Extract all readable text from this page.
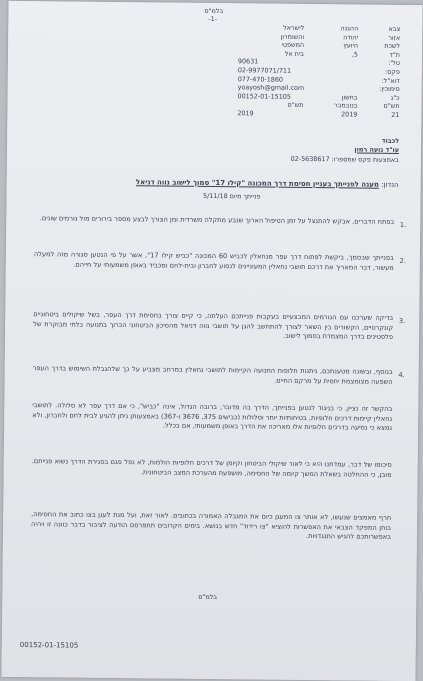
בלמ"ס
-1-
צבא
אזור
לשכת
ת"ד
טל':
פקס:
דוא"ל:
סימוכין:
כ"ג
תש"ם
21
ההגנה
יהודה
היועץ
5,
בחשון
בנובמבר
2019
לישראל
והשומרון
המשפטי
בית אל
90631
02-9977071/711
077-470-1860
yoayosh@gmail.com
00152-01-15105
תש"ם
2019
לכבוד
עו"ד נועה רמון
באמצעות פקס שמספרו: 02-5638617
הנדון: מענה לפנייתך בעניין חסימת דרך המכונה "קילו 17" סמוך לישוב נווה דניאל
פנייתך מיום 5/11/18
1.
בפתח הדברים, אבקש להתנצל על זמן הטיפול הארוך שנבע מתקלה משרדית ומן הצורך לבצע מספר בירורים מול גורמים שונים.
2.
בפנייתך שבסמך, ביקשת לפתוח דרך עפר מנחאלין לכביש 60 המכונה "כביש קילו 17", אשר על פי הנטען סגורה מזה למעלה מעשור, דבר המאריך את דרכם תושבי נחאלין המעוניינים לנסוע לחברון ובית-לחם ומכביד באופן משמעותי על חייהם.
3.
בדיקה שערכנו עם הגורמים המבצעיים בעקבות פנייתכם העלתה, כי קיים צורך בחסימת דרך העפר, בשל שיקולים ביטחוניים קונקרטיים, הקשורים בין השאר לצורך להתחשב להגן על תושבי נווה דניאל מהסיכון הביטחוני הכרוך בתנועה בלתי מבוקרת של פלסטינים בדרך המצמדת בסמוך לישוב.
4.
בנוסף, ובשונה מטענתכם, ניתנות חלופות התנועה הקיימות לתושבי נחאלין במרחב מצביע על כך שלהגבלת השימוש בדרך העפר השפעה מצומצמת יחסית על מרקם החיים.
בהקשר זה נציין, כי בניגוד לנטען בפנייתך, הדרך בה מדובר, ברובה הגדול, אינה "כביש", כי אם דרך עפר לא סלולה. לתושבי נחאלין קיימות דרכים חלופיות, בטיחותיות יותר וסלולות (כבישים 375, 3676 ו-367) באמצעותן ניתן להגיע לבית לחם ולחברון, ולא נמצא כי נסיעה בדרכים חלופיות אלו מאריכה את הדרך באופן משמעותי, אם בכלל.
סיכומו של דבר, עמדתנו היא כי לאור שיקולי הביטחון וקיומן של דרכים חלופיות הולמות, לא נפל פגם בסגירת הדרך נשוא פנייתם. מובן, כי ההחלטה בשאלת המשך קיומה של החסימה, מושפעת מהערכת המצב הביטחונית.
חרף מאמצים שנעשו, לא אותר צו המעגן כיום את המגבלה האמורה בכתובים. לאור זאת, ועל מנת לעגן בצו כתוב את החסימה, בוחן המפקד הצבאי את האפשרות להוציא "צו רידוד" חדש בנושא. בימים הקרובים תתפרסם הודעה לציבור בדבר כוונה זו ויהיה באפשרותכם להגיש התנגדויות.
בלמ"ס
00152-01-15105
